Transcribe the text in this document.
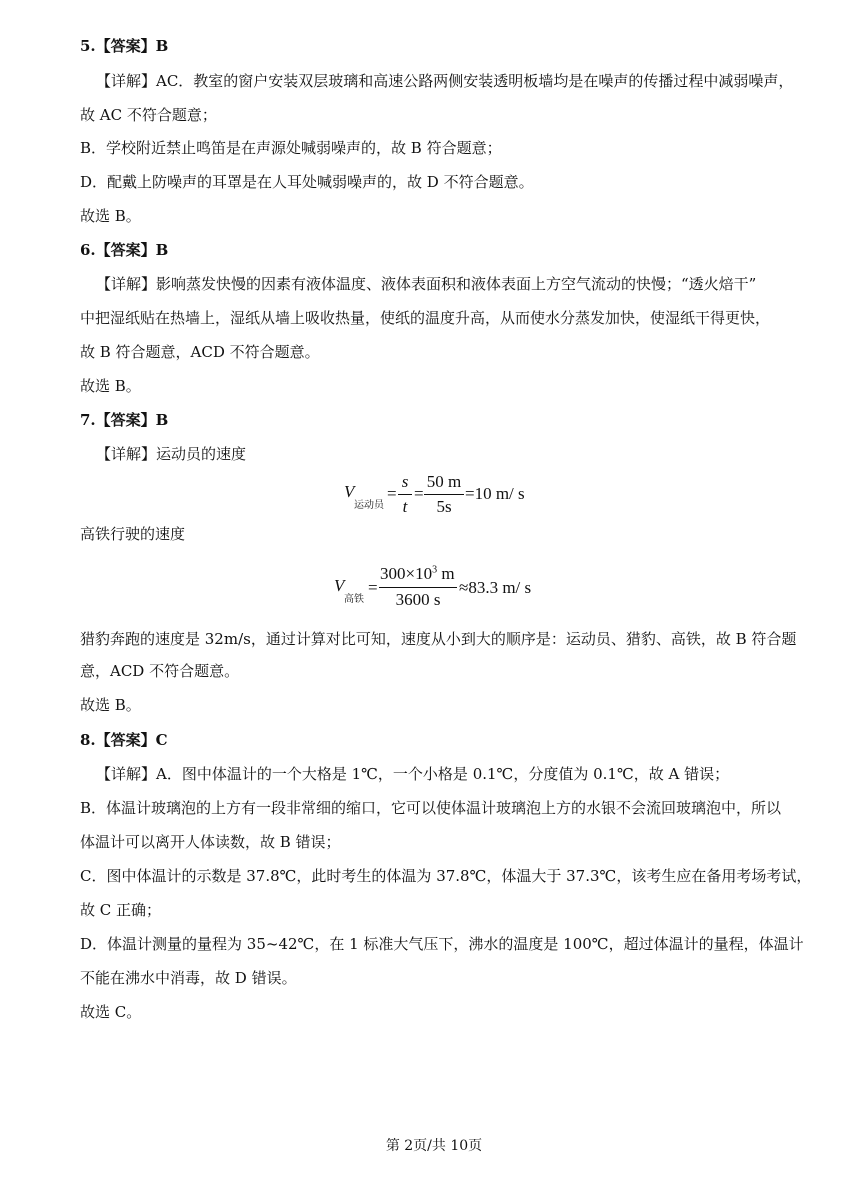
5.【答案】B
【详解】AC．教室的窗户安装双层玻璃和高速公路两侧安装透明板墙均是在噪声的传播过程中减弱噪声，
故 AC 不符合题意；
B．学校附近禁止鸣笛是在声源处喊弱噪声的，故 B 符合题意；
D．配戴上防噪声的耳罩是在人耳处喊弱噪声的，故 D 不符合题意。
故选 B。
6.【答案】B
【详解】影响蒸发快慢的因素有液体温度、液体表面积和液体表面上方空气流动的快慢；“透火焙干”
中把湿纸贴在热墙上，湿纸从墙上吸收热量，使纸的温度升高，从而使水分蒸发加快，使湿纸干得更快，
故 B 符合题意，ACD 不符合题意。
故选 B。
7.【答案】B
【详解】运动员的速度
V
运动员
=
s
t
=
50 m
5s
=10 m/ s
高铁行驶的速度
V
高铁
=
$300\times 10^3$ m
3600 s
≈83.3 m/ s
猎豹奔跑的速度是 32m/s，通过计算对比可知，速度从小到大的顺序是：运动员、猎豹、高铁，故 B 符合题
意，ACD 不符合题意。
故选 B。
8.【答案】C
【详解】A．图中体温计的一个大格是 1℃，一个小格是 0.1℃，分度值为 0.1℃，故 A 错误；
B．体温计玻璃泡的上方有一段非常细的缩口，它可以使体温计玻璃泡上方的水银不会流回玻璃泡中，所以
体温计可以离开人体读数，故 B 错误；
C．图中体温计的示数是 37.8℃，此时考生的体温为 37.8℃，体温大于 37.3℃，该考生应在备用考场考试，
故 C 正确；
D．体温计测量的量程为 35~42℃，在 1 标准大气压下，沸水的温度是 100℃，超过体温计的量程，体温计
不能在沸水中消毒，故 D 错误。
故选 C。
第 2页/共 10页
